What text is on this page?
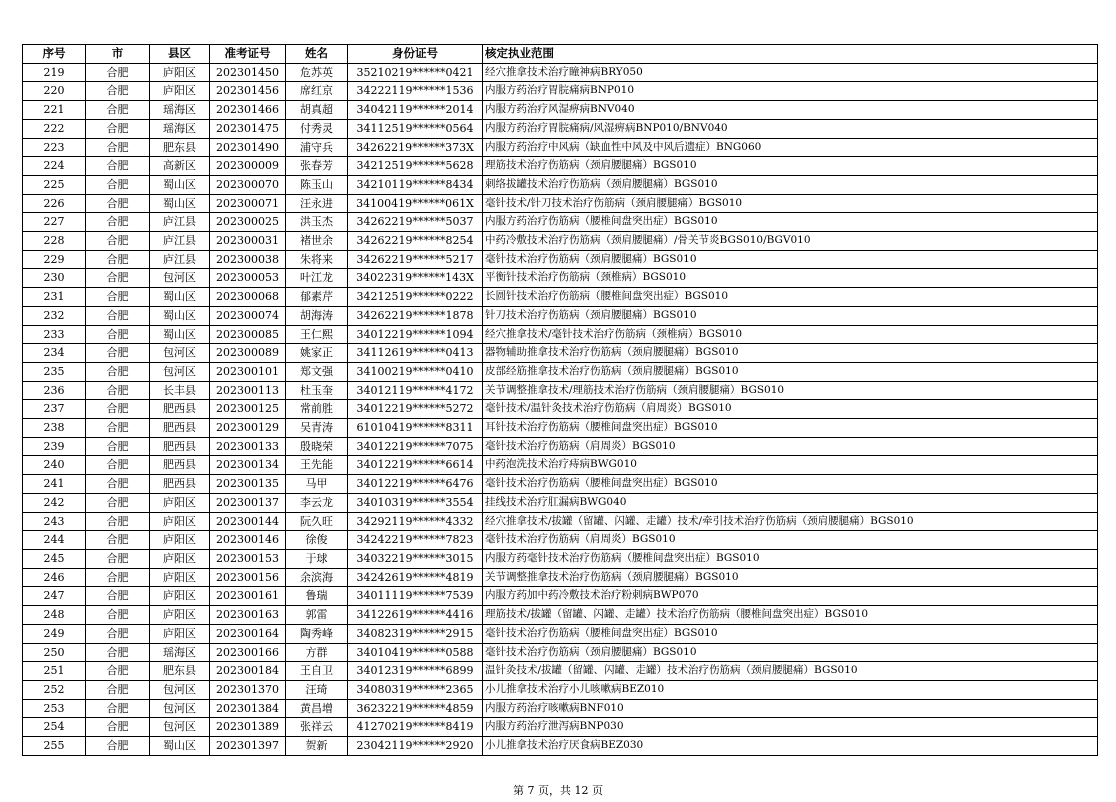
序号	市	县区	准考证号	姓名	身份证号	核定执业范围
219	合肥	庐阳区	202301450	危苏英	35210219******0421	经穴推拿技术治疗瞳神病BRY050
220	合肥	庐阳区	202301456	席红京	34222119******1536	内服方药治疗胃脘痛病BNP010
221	合肥	瑶海区	202301466	胡真超	34042119******2014	内服方药治疗风湿痹病BNV040
222	合肥	瑶海区	202301475	付秀灵	34112519******0564	内服方药治疗胃脘痛病/风湿痹病BNP010/BNV040
223	合肥	肥东县	202301490	浦守兵	34262219******373X	内服方药治疗中风病（缺血性中风及中风后遗症）BNG060
224	合肥	高新区	202300009	张春芳	34212519******5628	理筋技术治疗伤筋病（颈肩腰腿痛）BGS010
225	合肥	蜀山区	202300070	陈玉山	34210119******8434	刺络拔罐技术治疗伤筋病（颈肩腰腿痛）BGS010
226	合肥	蜀山区	202300071	汪永进	34100419******061X	毫针技术/针刀技术治疗伤筋病（颈肩腰腿痛）BGS010
227	合肥	庐江县	202300025	洪玉杰	34262219******5037	内服方药治疗伤筋病（腰椎间盘突出症）BGS010
228	合肥	庐江县	202300031	褚世余	34262219******8254	中药冷敷技术治疗伤筋病（颈肩腰腿痛）/骨关节炎BGS010/BGV010
229	合肥	庐江县	202300038	朱将来	34262219******5217	毫针技术治疗伤筋病（颈肩腰腿痛）BGS010
230	合肥	包河区	202300053	叶江龙	34022319******143X	平衡针技术治疗伤筋病（颈椎病）BGS010
231	合肥	蜀山区	202300068	郁素芹	34212519******0222	长圆针技术治疗伤筋病（腰椎间盘突出症）BGS010
232	合肥	蜀山区	202300074	胡海涛	34262219******1878	针刀技术治疗伤筋病（颈肩腰腿痛）BGS010
233	合肥	蜀山区	202300085	王仁熙	34012219******1094	经穴推拿技术/毫针技术治疗伤筋病（颈椎病）BGS010
234	合肥	包河区	202300089	姚家正	34112619******0413	器物辅助推拿技术治疗伤筋病（颈肩腰腿痛）BGS010
235	合肥	包河区	202300101	郑文强	34100219******0410	皮部经筋推拿技术治疗伤筋病（颈肩腰腿痛）BGS010
236	合肥	长丰县	202300113	杜玉奎	34012119******4172	关节调整推拿技术/理筋技术治疗伤筋病（颈肩腰腿痛）BGS010
237	合肥	肥西县	202300125	常前胜	34012219******5272	毫针技术/温针灸技术治疗伤筋病（肩周炎）BGS010
238	合肥	肥西县	202300129	吴青涛	61010419******8311	耳针技术治疗伤筋病（腰椎间盘突出症）BGS010
239	合肥	肥西县	202300133	殷晓荣	34012219******7075	毫针技术治疗伤筋病（肩周炎）BGS010
240	合肥	肥西县	202300134	王先能	34012219******6614	中药泡洗技术治疗痔病BWG010
241	合肥	肥西县	202300135	马甲	34012219******6476	毫针技术治疗伤筋病（腰椎间盘突出症）BGS010
242	合肥	庐阳区	202300137	李云龙	34010319******3554	挂线技术治疗肛漏病BWG040
243	合肥	庐阳区	202300144	阮久旺	34292119******4332	经穴推拿技术/拔罐（留罐、闪罐、走罐）技术/牵引技术治疗伤筋病（颈肩腰腿痛）BGS010
244	合肥	庐阳区	202300146	徐俊	34242219******7823	毫针技术治疗伤筋病（肩周炎）BGS010
245	合肥	庐阳区	202300153	于球	34032219******3015	内服方药毫针技术治疗伤筋病（腰椎间盘突出症）BGS010
246	合肥	庐阳区	202300156	余滨海	34242619******4819	关节调整推拿技术治疗伤筋病（颈肩腰腿痛）BGS010
247	合肥	庐阳区	202300161	鲁瑞	34011119******7539	内服方药加中药冷敷技术治疗粉刺病BWP070
248	合肥	庐阳区	202300163	郭雷	34122619******4416	理筋技术/拔罐（留罐、闪罐、走罐）技术治疗伤筋病（腰椎间盘突出症）BGS010
249	合肥	庐阳区	202300164	陶秀峰	34082319******2915	毫针技术治疗伤筋病（腰椎间盘突出症）BGS010
250	合肥	瑶海区	202300166	方群	34010419******0588	毫针技术治疗伤筋病（颈肩腰腿痛）BGS010
251	合肥	肥东县	202300184	王自卫	34012319******6899	温针灸技术/拔罐（留罐、闪罐、走罐）技术治疗伤筋病（颈肩腰腿痛）BGS010
252	合肥	包河区	202301370	汪琦	34080319******2365	小儿推拿技术治疗小儿咳嗽病BEZ010
253	合肥	包河区	202301384	黄昌增	36232219******4859	内服方药治疗咳嗽病BNF010
254	合肥	包河区	202301389	张祥云	41270219******8419	内服方药治疗泄泻病BNP030
255	合肥	蜀山区	202301397	贺新	23042119******2920	小儿推拿技术治疗厌食病BEZ030
第 7 页，共 12 页
